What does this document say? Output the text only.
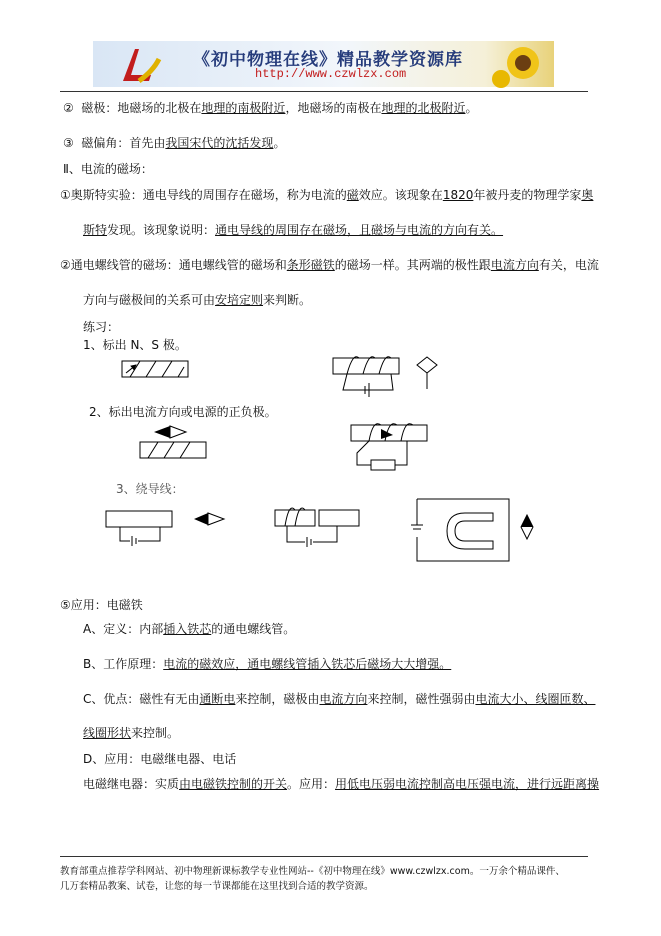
《初中物理在线》精品教学资源库
http://www.czwlzx.com
② 磁极：地磁场的北极在地理的南极附近，地磁场的南极在地理的北极附近。
③ 磁偏角：首先由我国宋代的沈括发现。
Ⅱ、电流的磁场：
①奥斯特实验：通电导线的周围存在磁场，称为电流的磁效应。该现象在1820年被丹麦的物理学家奥
斯特发现。该现象说明：通电导线的周围存在磁场，且磁场与电流的方向有关。
②通电螺线管的磁场：通电螺线管的磁场和条形磁铁的磁场一样。其两端的极性跟电流方向有关，电流
方向与磁极间的关系可由安培定则来判断。
练习：
1、标出 N、S 极。
2、标出电流方向或电源的正负极。
3、绕导线：
⑤应用：电磁铁
A、定义：内部插入铁芯的通电螺线管。
B、工作原理：电流的磁效应，通电螺线管插入铁芯后磁场大大增强。
C、优点：磁性有无由通断电来控制，磁极由电流方向来控制，磁性强弱由电流大小、线圈匝数、
线圈形状来控制。
D、应用：电磁继电器、电话
电磁继电器：实质由电磁铁控制的开关。应用：用低电压弱电流控制高电压强电流，进行远距离操
教育部重点推荐学科网站、初中物理新课标教学专业性网站--《初中物理在线》www.czwlzx.com。一万余个精品课件、
几万套精品教案、试卷，让您的每一节课都能在这里找到合适的教学资源。
